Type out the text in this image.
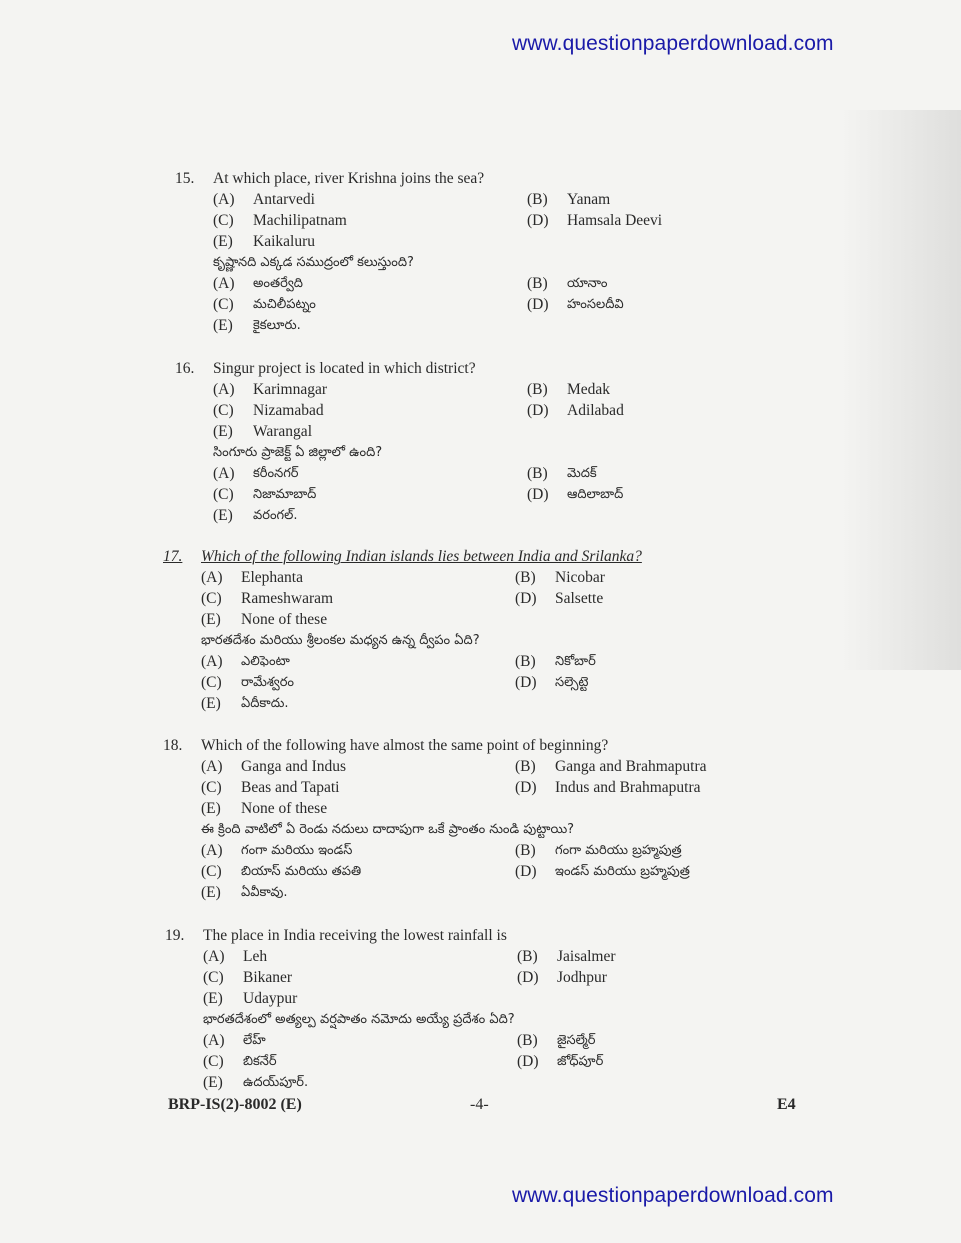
www.questionpaperdownload.com
15.	At which place, river Krishna joins the sea?
(A)	Antarvedi	(B)	Yanam
(C)	Machilipatnam	(D)	Hamsala Deevi
(E)	Kaikaluru
కృష్ణానది ఎక్కడ సముద్రంలో కలుస్తుంది?
(A)	అంతర్వేది	(B)	యానాం
(C)	మచిలీపట్నం	(D)	హంసలదీవి
(E)	కైకలూరు.
16.	Singur project is located in which district?
(A)	Karimnagar	(B)	Medak
(C)	Nizamabad	(D)	Adilabad
(E)	Warangal
సింగూరు ప్రాజెక్ట్ ఏ జిల్లాలో ఉంది?
(A)	కరీంనగర్	(B)	మెదక్
(C)	నిజామాబాద్	(D)	ఆదిలాబాద్
(E)	వరంగల్.
17.	Which of the following Indian islands lies between India and Srilanka?
(A)	Elephanta	(B)	Nicobar
(C)	Rameshwaram	(D)	Salsette
(E)	None of these
భారతదేశం మరియు శ్రీలంకల మధ్యన ఉన్న ద్వీపం ఏది?
(A)	ఎలిఫెంటా	(B)	నికోబార్
(C)	రామేశ్వరం	(D)	సల్సెట్టె
(E)	ఏదీకాదు.
18.	Which of the following have almost the same point of beginning?
(A)	Ganga and Indus	(B)	Ganga and Brahmaputra
(C)	Beas and Tapati	(D)	Indus and Brahmaputra
(E)	None of these
ఈ క్రింది వాటిలో ఏ రెండు నదులు దాదాపుగా ఒకే ప్రాంతం నుండి పుట్టాయి?
(A)	గంగా మరియు ఇండస్	(B)	గంగా మరియు బ్రహ్మపుత్ర
(C)	బియాస్ మరియు తపతి	(D)	ఇండస్ మరియు బ్రహ్మపుత్ర
(E)	ఏవీకావు.
19.	The place in India receiving the lowest rainfall is
(A)	Leh	(B)	Jaisalmer
(C)	Bikaner	(D)	Jodhpur
(E)	Udaypur
భారతదేశంలో అత్యల్ప వర్షపాతం నమోదు అయ్యే ప్రదేశం ఏది?
(A)	లేహ్	(B)	జైసల్మేర్
(C)	బికనేర్	(D)	జోధ్‌పూర్
(E)	ఉదయ్‌పూర్.
BRP-IS(2)-8002 (E)	-4-	E4
www.questionpaperdownload.com
